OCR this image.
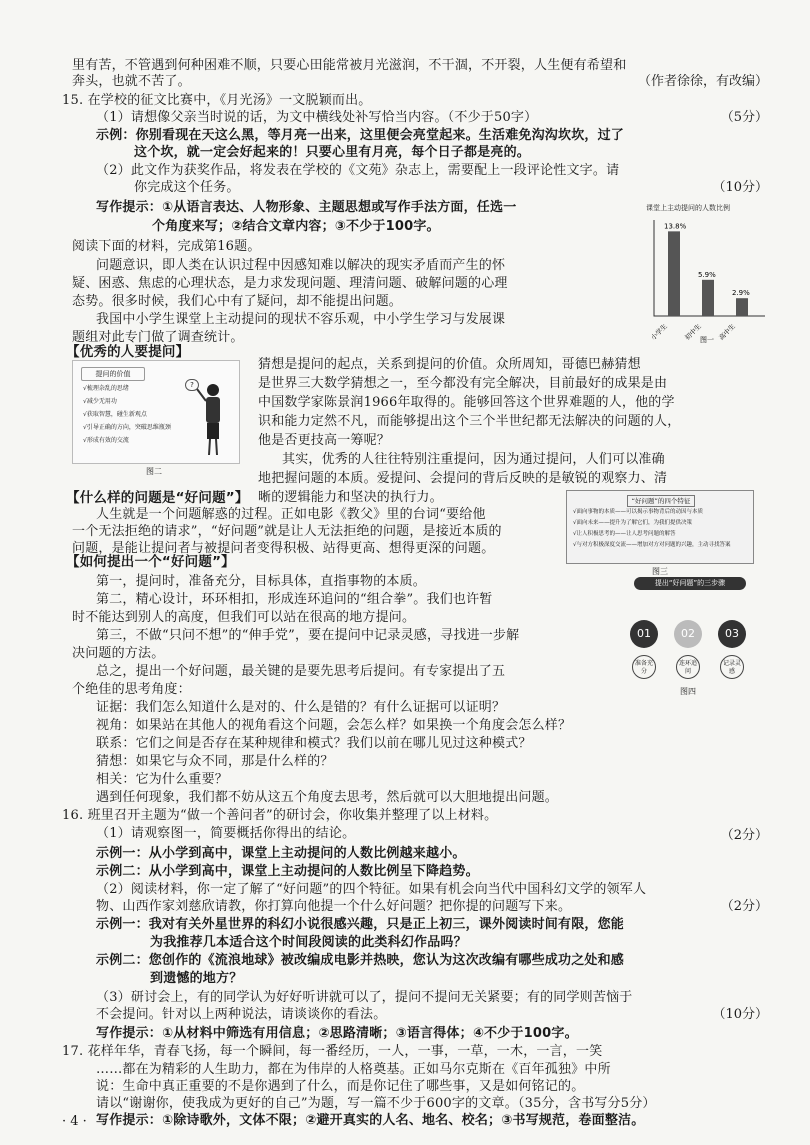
里有苦，不管遇到何种困难不顺，只要心田能常被月光滋润，不干涸，不开裂，人生便有希望和
奔头，也就不苦了。
15. 在学校的征文比赛中，《月光汤》一文脱颖而出。
（1）请想像父亲当时说的话，为文中横线处补写恰当内容。（不少于50字）
示例：你别看现在天这么黑，等月亮一出来，这里便会亮堂起来。生活难免沟沟坎坎，过了
这个坎，就一定会好起来的！只要心里有月亮，每个日子都是亮的。
（2）此文作为获奖作品，将发表在学校的《文苑》杂志上，需要配上一段评论性文字。请
你完成这个任务。
写作提示：①从语言表达、人物形象、主题思想或写作手法方面，任选一
个角度来写；②结合文章内容；③不少于100字。
阅读下面的材料，完成第16题。
问题意识，即人类在认识过程中因感知难以解决的现实矛盾而产生的怀
疑、困惑、焦虑的心理状态，是力求发现问题、理清问题、破解问题的心理
态势。很多时候，我们心中有了疑问，却不能提出问题。
我国中小学生课堂上主动提问的现状不容乐观，中小学生学习与发展课
题组对此专门做了调查统计。
【优秀的人要提问】
猜想是提问的起点，关系到提问的价值。众所周知，哥德巴赫猜想
是世界三大数学猜想之一，至今都没有完全解决，目前最好的成果是由
中国数学家陈景润1966年取得的。能够回答这个世界难题的人，他的学
识和能力定然不凡，而能够提出这个三个半世纪都无法解决的问题的人，
他是否更技高一筹呢？
其实，优秀的人往往特别注重提问，因为通过提问，人们可以准确
地把握问题的本质。爱提问、会提问的背后反映的是敏锐的观察力、清
晰的逻辑能力和坚决的执行力。
【什么样的问题是“好问题”】
人生就是一个问题解惑的过程。正如电影《教父》里的台词“要给他
一个无法拒绝的请求”，“好问题”就是让人无法拒绝的问题，是接近本质的
问题，是能让提问者与被提问者变得积极、站得更高、想得更深的问题。
【如何提出一个“好问题”】
第一，提问时，准备充分，目标具体，直指事物的本质。
第二，精心设计，环环相扣，形成连环追问的“组合拳”。我们也许暂
时不能达到别人的高度，但我们可以站在很高的地方提问。
第三，不做“只问不想”的“伸手党”，要在提问中记录灵感，寻找进一步解
决问题的方法。
总之，提出一个好问题，最关键的是要先思考后提问。有专家提出了五
个绝佳的思考角度：
证据：我们怎么知道什么是对的、什么是错的？有什么证据可以证明？
视角：如果站在其他人的视角看这个问题，会怎么样？如果换一个角度会怎么样？
联系：它们之间是否存在某种规律和模式？我们以前在哪儿见过这种模式？
猜想：如果它与众不同，那是什么样的？
相关：它为什么重要？
遇到任何现象，我们都不妨从这五个角度去思考，然后就可以大胆地提出问题。
16. 班里召开主题为“做一个善问者”的研讨会，你收集并整理了以上材料。
（1）请观察图一，简要概括你得出的结论。
示例一：从小学到高中，课堂上主动提问的人数比例越来越小。
示例二：从小学到高中，课堂上主动提问的人数比例呈下降趋势。
（2）阅读材料，你一定了解了“好问题”的四个特征。如果有机会向当代中国科幻文学的领军人
物、山西作家刘慈欣请教，你打算向他提一个什么好问题？把你提的问题写下来。
示例一：我对有关外星世界的科幻小说很感兴趣，只是正上初三，课外阅读时间有限，您能
为我推荐几本适合这个时间段阅读的此类科幻作品吗？
示例二：您创作的《流浪地球》被改编成电影并热映，您认为这次改编有哪些成功之处和感
到遗憾的地方？
（3）研讨会上，有的同学认为好好听讲就可以了，提问不提问无关紧要；有的同学则苦恼于
不会提问。针对以上两种说法，请谈谈你的看法。
写作提示：①从材料中筛选有用信息；②思路清晰；③语言得体；④不少于100字。
17. 花样年华，青春飞扬，每一个瞬间，每一番经历，一人，一事，一草，一木，一言，一笑
……都在为精彩的人生助力，都在为伟岸的人格奠基。正如马尔克斯在《百年孤独》中所
说：生命中真正重要的不是你遇到了什么，而是你记住了哪些事，又是如何铭记的。
请以“谢谢你，使我成为更好的自己”为题，写一篇不少于600字的文章。（35分，含书写分5分）
写作提示：①除诗歌外，文体不限；②避开真实的人名、地名、校名；③书写规范，卷面整洁。
（作者徐徐，有改编）
（5分）
（10分）
（2分）
（2分）
（10分）
课堂上主动提问的人数比例
13.8%
小学生
5.9%
初中生
2.9%
高中生
图一
提问的价值
√梳理杂乱的思绪
√减少无用功
√获取智慧，碰生新观点
√引导正确的方向，突破思维瓶颈
√形成有效的交流
?
图二
“好问题”的四个特征
√面向事物的本质——可以揭示事物背后的动因与本质
√面向未来——提升为了解它们，为我们提供决策
√让人积极思考的——让人思考问题的解答
√与对方积极深度交流——增加对方对问题的兴趣，主动寻找答案
图三
提出“好问题”的三步骤
01
准备充分
02
连环追问
03
记录灵感
图四
· 4 ·
